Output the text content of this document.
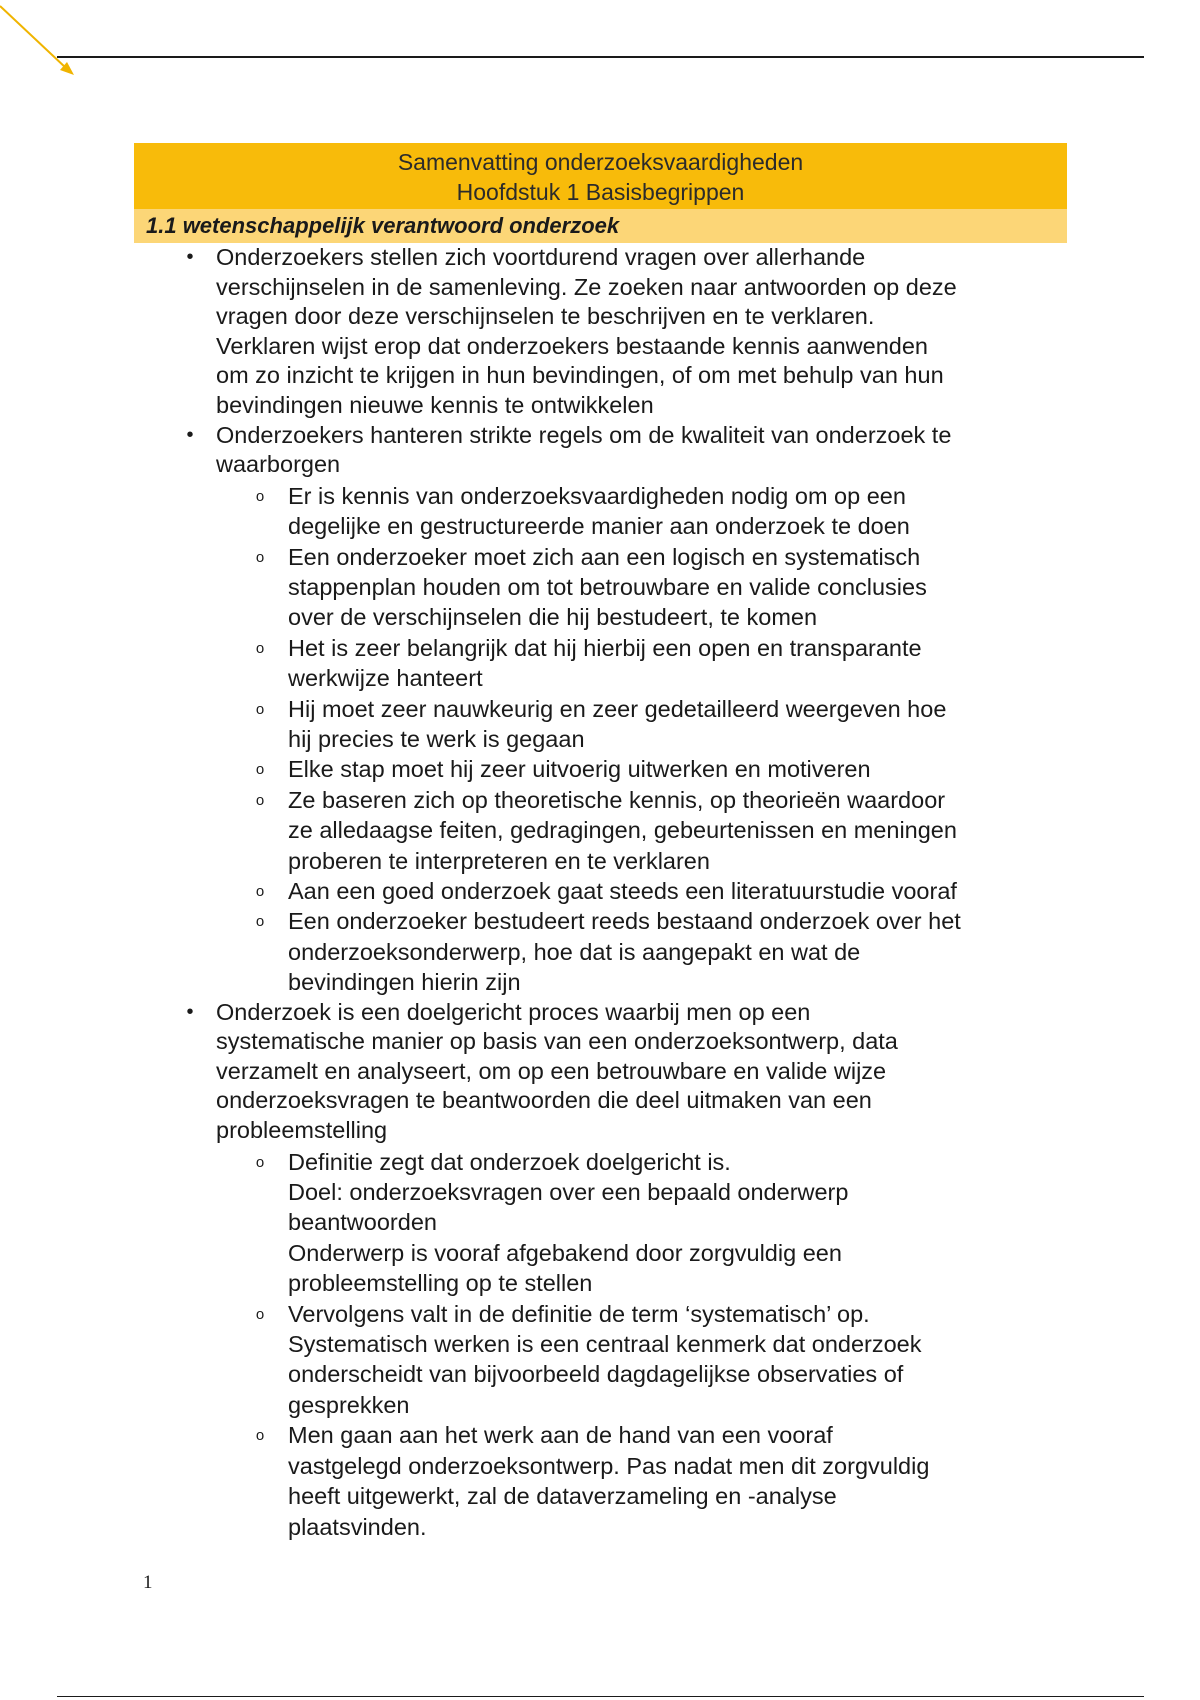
Samenvatting onderzoeksvaardigheden
Hoofdstuk 1 Basisbegrippen
1.1 wetenschappelijk verantwoord onderzoek
• Onderzoekers stellen zich voortdurend vragen over allerhande
verschijnselen in de samenleving. Ze zoeken naar antwoorden op deze
vragen door deze verschijnselen te beschrijven en te verklaren.
Verklaren wijst erop dat onderzoekers bestaande kennis aanwenden
om zo inzicht te krijgen in hun bevindingen, of om met behulp van hun
bevindingen nieuwe kennis te ontwikkelen
• Onderzoekers hanteren strikte regels om de kwaliteit van onderzoek te
waarborgen
o Er is kennis van onderzoeksvaardigheden nodig om op een
degelijke en gestructureerde manier aan onderzoek te doen
o Een onderzoeker moet zich aan een logisch en systematisch
stappenplan houden om tot betrouwbare en valide conclusies
over de verschijnselen die hij bestudeert, te komen
o Het is zeer belangrijk dat hij hierbij een open en transparante
werkwijze hanteert
o Hij moet zeer nauwkeurig en zeer gedetailleerd weergeven hoe
hij precies te werk is gegaan
o Elke stap moet hij zeer uitvoerig uitwerken en motiveren
o Ze baseren zich op theoretische kennis, op theorieën waardoor
ze alledaagse feiten, gedragingen, gebeurtenissen en meningen
proberen te interpreteren en te verklaren
o Aan een goed onderzoek gaat steeds een literatuurstudie vooraf
o Een onderzoeker bestudeert reeds bestaand onderzoek over het
onderzoeksonderwerp, hoe dat is aangepakt en wat de
bevindingen hierin zijn
• Onderzoek is een doelgericht proces waarbij men op een
systematische manier op basis van een onderzoeksontwerp, data
verzamelt en analyseert, om op een betrouwbare en valide wijze
onderzoeksvragen te beantwoorden die deel uitmaken van een
probleemstelling
o Definitie zegt dat onderzoek doelgericht is.
Doel: onderzoeksvragen over een bepaald onderwerp
beantwoorden
Onderwerp is vooraf afgebakend door zorgvuldig een
probleemstelling op te stellen
o Vervolgens valt in de definitie de term ‘systematisch’ op.
Systematisch werken is een centraal kenmerk dat onderzoek
onderscheidt van bijvoorbeeld dagdagelijkse observaties of
gesprekken
o Men gaan aan het werk aan de hand van een vooraf
vastgelegd onderzoeksontwerp. Pas nadat men dit zorgvuldig
heeft uitgewerkt, zal de dataverzameling en -analyse
plaatsvinden.
1
